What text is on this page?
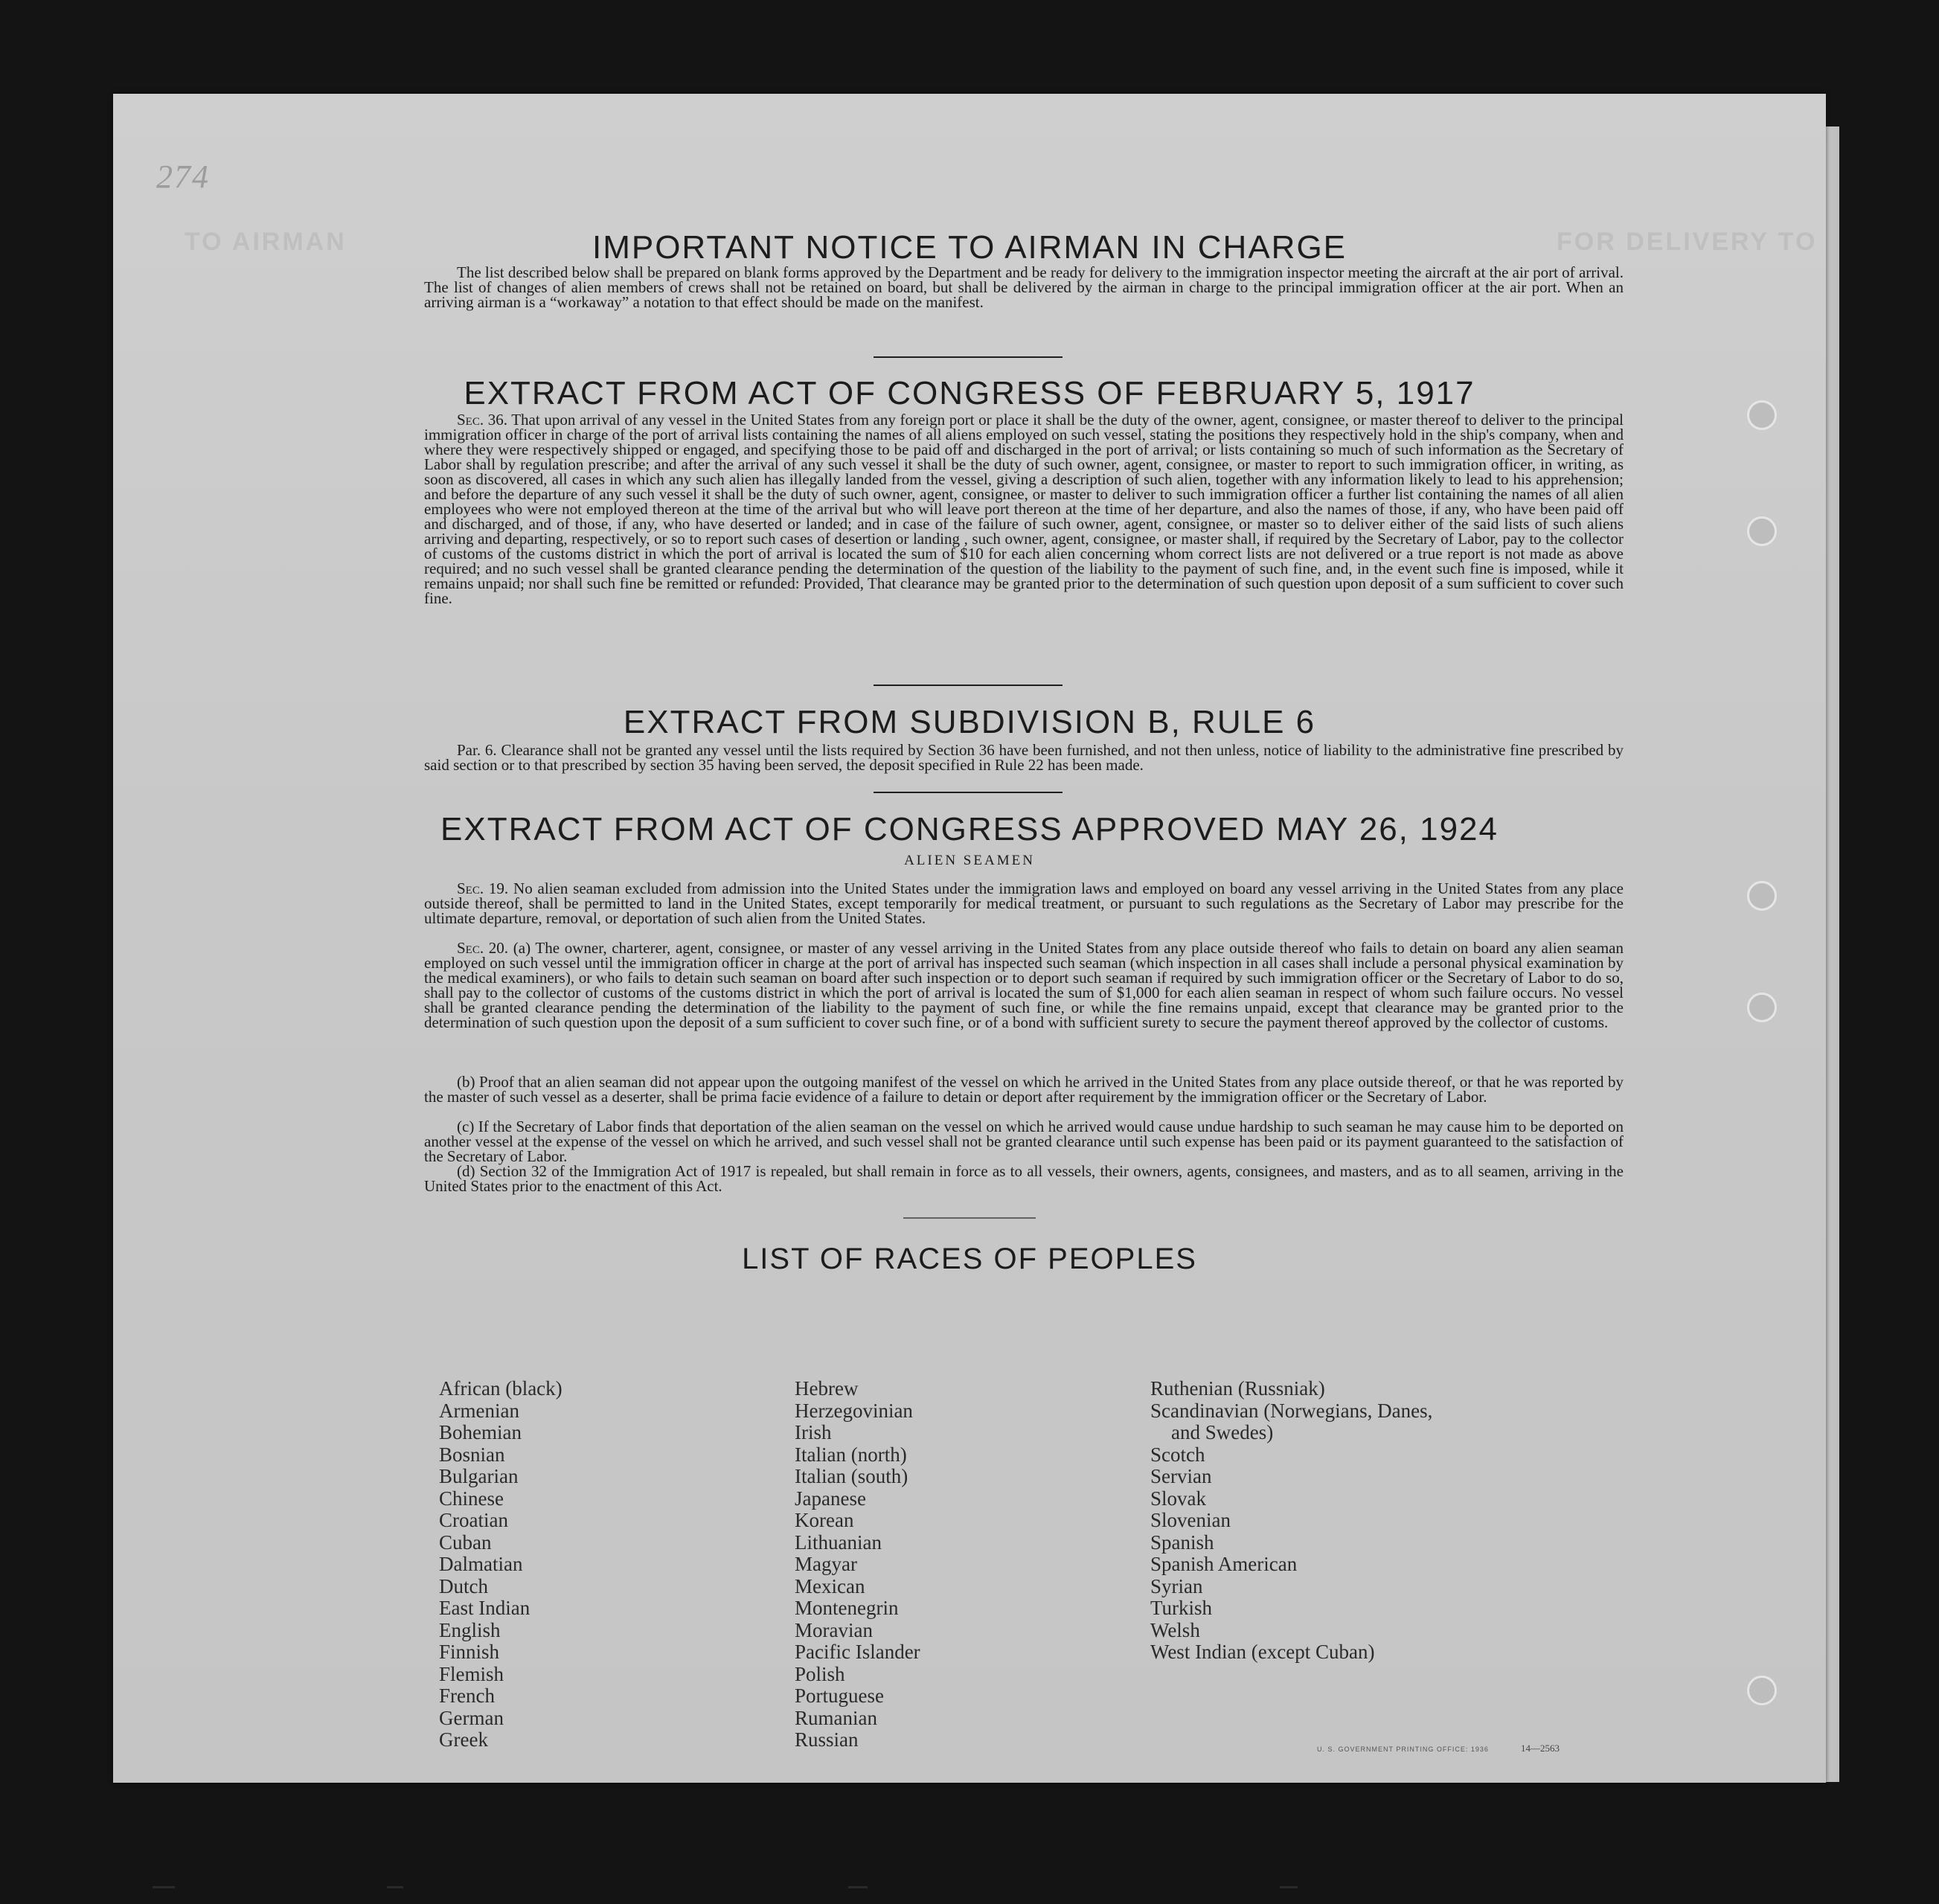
274
TO AIRMAN	FOR DELIVERY TO
IMPORTANT NOTICE TO AIRMAN IN CHARGE

The list described below shall be prepared on blank forms approved by the Department and be ready for delivery to the immigration inspector meeting the aircraft at the air port of arrival. The list of changes of alien members of crews shall not be retained on board, but shall be delivered by the airman in charge to the principal immigration officer at the air port. When an arriving airman is a “workaway” a notation to that effect should be made on the manifest.

EXTRACT FROM ACT OF CONGRESS OF FEBRUARY 5, 1917

Sec. 36. That upon arrival of any vessel in the United States from any foreign port or place it shall be the duty of the owner, agent, consignee, or master thereof to deliver to the principal immigration officer in charge of the port of arrival lists containing the names of all aliens employed on such vessel, stating the positions they respectively hold in the ship's company, when and where they were respectively shipped or engaged, and specifying those to be paid off and discharged in the port of arrival; or lists containing so much of such information as the Secretary of Labor shall by regulation prescribe; and after the arrival of any such vessel it shall be the duty of such owner, agent, consignee, or master to report to such immigration officer, in writing, as soon as discovered, all cases in which any such alien has illegally landed from the vessel, giving a description of such alien, together with any information likely to lead to his apprehension; and before the departure of any such vessel it shall be the duty of such owner, agent, consignee, or master to deliver to such immigration officer a further list containing the names of all alien employees who were not employed thereon at the time of the arrival but who will leave port thereon at the time of her departure, and also the names of those, if any, who have been paid off and discharged, and of those, if any, who have deserted or landed; and in case of the failure of such owner, agent, consignee, or master so to deliver either of the said lists of such aliens arriving and departing, respectively, or so to report such cases of desertion or landing , such owner, agent, consignee, or master shall, if required by the Secretary of Labor, pay to the collector of customs of the customs district in which the port of arrival is located the sum of $10 for each alien concerning whom correct lists are not delivered or a true report is not made as above required; and no such vessel shall be granted clearance pending the determination of the question of the liability to the payment of such fine, and, in the event such fine is imposed, while it remains unpaid; nor shall such fine be remitted or refunded: Provided, That clearance may be granted prior to the determination of such question upon deposit of a sum sufficient to cover such fine.

EXTRACT FROM SUBDIVISION B, RULE 6

Par. 6. Clearance shall not be granted any vessel until the lists required by Section 36 have been furnished, and not then unless, notice of liability to the administrative fine prescribed by said section or to that prescribed by section 35 having been served, the deposit specified in Rule 22 has been made.

EXTRACT FROM ACT OF CONGRESS APPROVED MAY 26, 1924
ALIEN SEAMEN

Sec. 19. No alien seaman excluded from admission into the United States under the immigration laws and employed on board any vessel arriving in the United States from any place outside thereof, shall be permitted to land in the United States, except temporarily for medical treatment, or pursuant to such regulations as the Secretary of Labor may prescribe for the ultimate departure, removal, or deportation of such alien from the United States.

Sec. 20. (a) The owner, charterer, agent, consignee, or master of any vessel arriving in the United States from any place outside thereof who fails to detain on board any alien seaman employed on such vessel until the immigration officer in charge at the port of arrival has inspected such seaman (which inspection in all cases shall include a personal physical examination by the medical examiners), or who fails to detain such seaman on board after such inspection or to deport such seaman if required by such immigration officer or the Secretary of Labor to do so, shall pay to the collector of customs of the customs district in which the port of arrival is located the sum of $1,000 for each alien seaman in respect of whom such failure occurs. No vessel shall be granted clearance pending the determination of the liability to the payment of such fine, or while the fine remains unpaid, except that clearance may be granted prior to the determination of such question upon the deposit of a sum sufficient to cover such fine, or of a bond with sufficient surety to secure the payment thereof approved by the collector of customs.

(b) Proof that an alien seaman did not appear upon the outgoing manifest of the vessel on which he arrived in the United States from any place outside thereof, or that he was reported by the master of such vessel as a deserter, shall be prima facie evidence of a failure to detain or deport after requirement by the immigration officer or the Secretary of Labor.

(c) If the Secretary of Labor finds that deportation of the alien seaman on the vessel on which he arrived would cause undue hardship to such seaman he may cause him to be deported on another vessel at the expense of the vessel on which he arrived, and such vessel shall not be granted clearance until such expense has been paid or its payment guaranteed to the satisfaction of the Secretary of Labor.

(d) Section 32 of the Immigration Act of 1917 is repealed, but shall remain in force as to all vessels, their owners, agents, consignees, and masters, and as to all seamen, arriving in the United States prior to the enactment of this Act.

LIST OF RACES OF PEOPLES
African (black)
Armenian
Bohemian
Bosnian
Bulgarian
Chinese
Croatian
Cuban
Dalmatian
Dutch
East Indian
English
Finnish
Flemish
French
German
Greek
Hebrew
Herzegovinian
Irish
Italian (north)
Italian (south)
Japanese
Korean
Lithuanian
Magyar
Mexican
Montenegrin
Moravian
Pacific Islander
Polish
Portuguese
Rumanian
Russian
Ruthenian (Russniak)
Scandinavian (Norwegians, Danes,
and Swedes)
Scotch
Servian
Slovak
Slovenian
Spanish
Spanish American
Syrian
Turkish
Welsh
West Indian (except Cuban)
U. S. GOVERNMENT PRINTING OFFICE: 1936	14—2563
